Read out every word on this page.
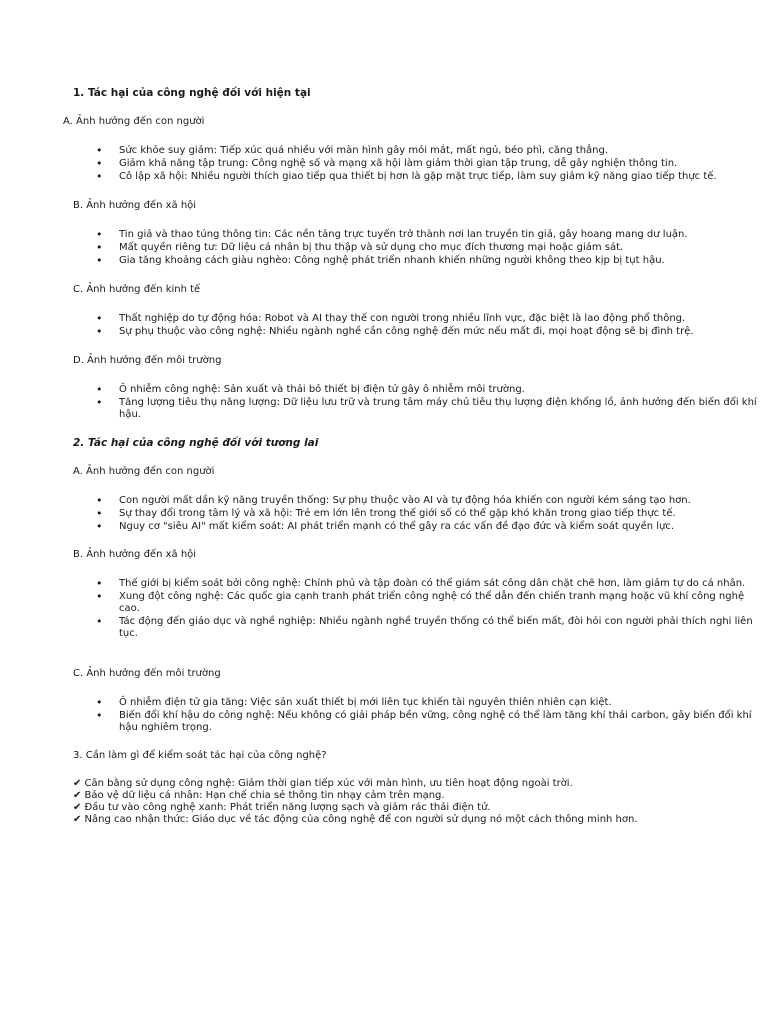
1. Tác hại của công nghệ đối với hiện tại
A. Ảnh hưởng đến con người
• Sức khỏe suy giảm: Tiếp xúc quá nhiều với màn hình gây mỏi mắt, mất ngủ, béo phì, căng thẳng.
• Giảm khả năng tập trung: Công nghệ số và mạng xã hội làm giảm thời gian tập trung, dễ gây nghiện thông tin.
• Cô lập xã hội: Nhiều người thích giao tiếp qua thiết bị hơn là gặp mặt trực tiếp, làm suy giảm kỹ năng giao tiếp thực tế.
B. Ảnh hưởng đến xã hội
• Tin giả và thao túng thông tin: Các nền tảng trực tuyến trở thành nơi lan truyền tin giả, gây hoang mang dư luận.
• Mất quyền riêng tư: Dữ liệu cá nhân bị thu thập và sử dụng cho mục đích thương mại hoặc giám sát.
• Gia tăng khoảng cách giàu nghèo: Công nghệ phát triển nhanh khiến những người không theo kịp bị tụt hậu.
C. Ảnh hưởng đến kinh tế
• Thất nghiệp do tự động hóa: Robot và AI thay thế con người trong nhiều lĩnh vực, đặc biệt là lao động phổ thông.
• Sự phụ thuộc vào công nghệ: Nhiều ngành nghề cần công nghệ đến mức nếu mất đi, mọi hoạt động sẽ bị đình trệ.
D. Ảnh hưởng đến môi trường
• Ô nhiễm công nghệ: Sản xuất và thải bỏ thiết bị điện tử gây ô nhiễm môi trường.
• Tăng lượng tiêu thụ năng lượng: Dữ liệu lưu trữ và trung tâm máy chủ tiêu thụ lượng điện khổng lồ, ảnh hưởng đến biến đổi khí hậu.
2. Tác hại của công nghệ đối với tương lai
A. Ảnh hưởng đến con người
• Con người mất dần kỹ năng truyền thống: Sự phụ thuộc vào AI và tự động hóa khiến con người kém sáng tạo hơn.
• Sự thay đổi trong tâm lý và xã hội: Trẻ em lớn lên trong thế giới số có thể gặp khó khăn trong giao tiếp thực tế.
• Nguy cơ "siêu AI" mất kiểm soát: AI phát triển mạnh có thể gây ra các vấn đề đạo đức và kiểm soát quyền lực.
B. Ảnh hưởng đến xã hội
• Thế giới bị kiểm soát bởi công nghệ: Chính phủ và tập đoàn có thể giám sát công dân chặt chẽ hơn, làm giảm tự do cá nhân.
• Xung đột công nghệ: Các quốc gia cạnh tranh phát triển công nghệ có thể dẫn đến chiến tranh mạng hoặc vũ khí công nghệ cao.
• Tác động đến giáo dục và nghề nghiệp: Nhiều ngành nghề truyền thống có thể biến mất, đòi hỏi con người phải thích nghi liên tục.
C. Ảnh hưởng đến môi trường
• Ô nhiễm điện tử gia tăng: Việc sản xuất thiết bị mới liên tục khiến tài nguyên thiên nhiên cạn kiệt.
• Biến đổi khí hậu do công nghệ: Nếu không có giải pháp bền vững, công nghệ có thể làm tăng khí thải carbon, gây biến đổi khí hậu nghiêm trọng.
3. Cần làm gì để kiểm soát tác hại của công nghệ?
✔ Cân bằng sử dụng công nghệ: Giảm thời gian tiếp xúc với màn hình, ưu tiên hoạt động ngoài trời.
✔ Bảo vệ dữ liệu cá nhân: Hạn chế chia sẻ thông tin nhạy cảm trên mạng.
✔ Đầu tư vào công nghệ xanh: Phát triển năng lượng sạch và giảm rác thải điện tử.
✔ Nâng cao nhận thức: Giáo dục về tác động của công nghệ để con người sử dụng nó một cách thông minh hơn.
